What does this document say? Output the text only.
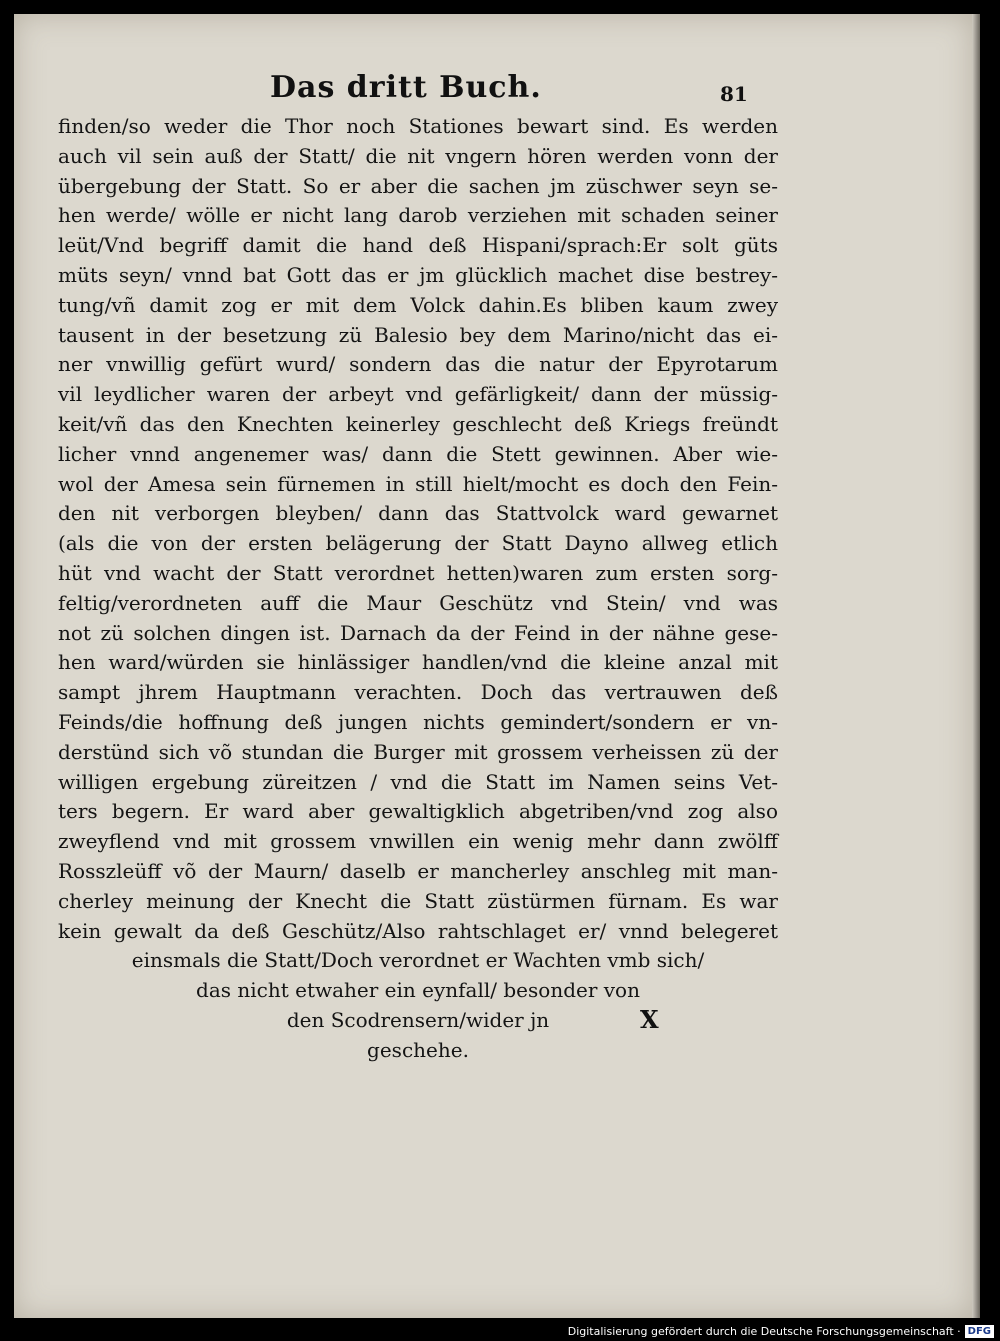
Das dritt Buch.	81
finden/so weder die Thor noch Stationes bewart sind. Es werden
auch vil sein auß der Statt/ die nit vngern hören werden vonn der
übergebung der Statt. So er aber die sachen jm züschwer seyn se-
hen werde/ wölle er nicht lang darob verziehen mit schaden seiner
leüt/Vnd begriff damit die hand deß Hispani/sprach:Er solt güts
müts seyn/ vnnd bat Gott das er jm glücklich machet dise bestrey-
tung/vñ damit zog er mit dem Volck dahin.Es bliben kaum zwey
tausent in der besetzung zü Balesio bey dem Marino/nicht das ei-
ner vnwillig gefürt wurd/ sondern das die natur der Epyrotarum
vil leydlicher waren der arbeyt vnd gefärligkeit/ dann der müssig-
keit/vñ das den Knechten keinerley geschlecht deß Kriegs freündt
licher vnnd angenemer was/ dann die Stett gewinnen. Aber wie-
wol der Amesa sein fürnemen in still hielt/mocht es doch den Fein-
den nit verborgen bleyben/ dann das Stattvolck ward gewarnet
(als die von der ersten belägerung der Statt Dayno allweg etlich
hüt vnd wacht der Statt verordnet hetten)waren zum ersten sorg-
feltig/verordneten auff die Maur Geschütz vnd Stein/ vnd was
not zü solchen dingen ist. Darnach da der Feind in der nähne gese-
hen ward/würden sie hinlässiger handlen/vnd die kleine anzal mit
sampt jhrem Hauptmann verachten. Doch das vertrauwen deß
Feinds/die hoffnung deß jungen nichts gemindert/sondern er vn-
derstünd sich võ stundan die Burger mit grossem verheissen zü der
willigen ergebung züreitzen / vnd die Statt im Namen seins Vet-
ters begern. Er ward aber gewaltigklich abgetriben/vnd zog also
zweyflend vnd mit grossem vnwillen ein wenig mehr dann zwölff
Rosszleüff võ der Maurn/ daselb er mancherley anschleg mit man-
cherley meinung der Knecht die Statt züstürmen fürnam. Es war
kein gewalt da deß Geschütz/Also rahtschlaget er/ vnnd belegeret
einsmals die Statt/Doch verordnet er Wachten vmb sich/
das nicht etwaher ein eynfall/ besonder von
den Scodrensern/wider jn
geschehe.
X
Digitalisierung gefördert durch die Deutsche Forschungsgemeinschaft · DFG
